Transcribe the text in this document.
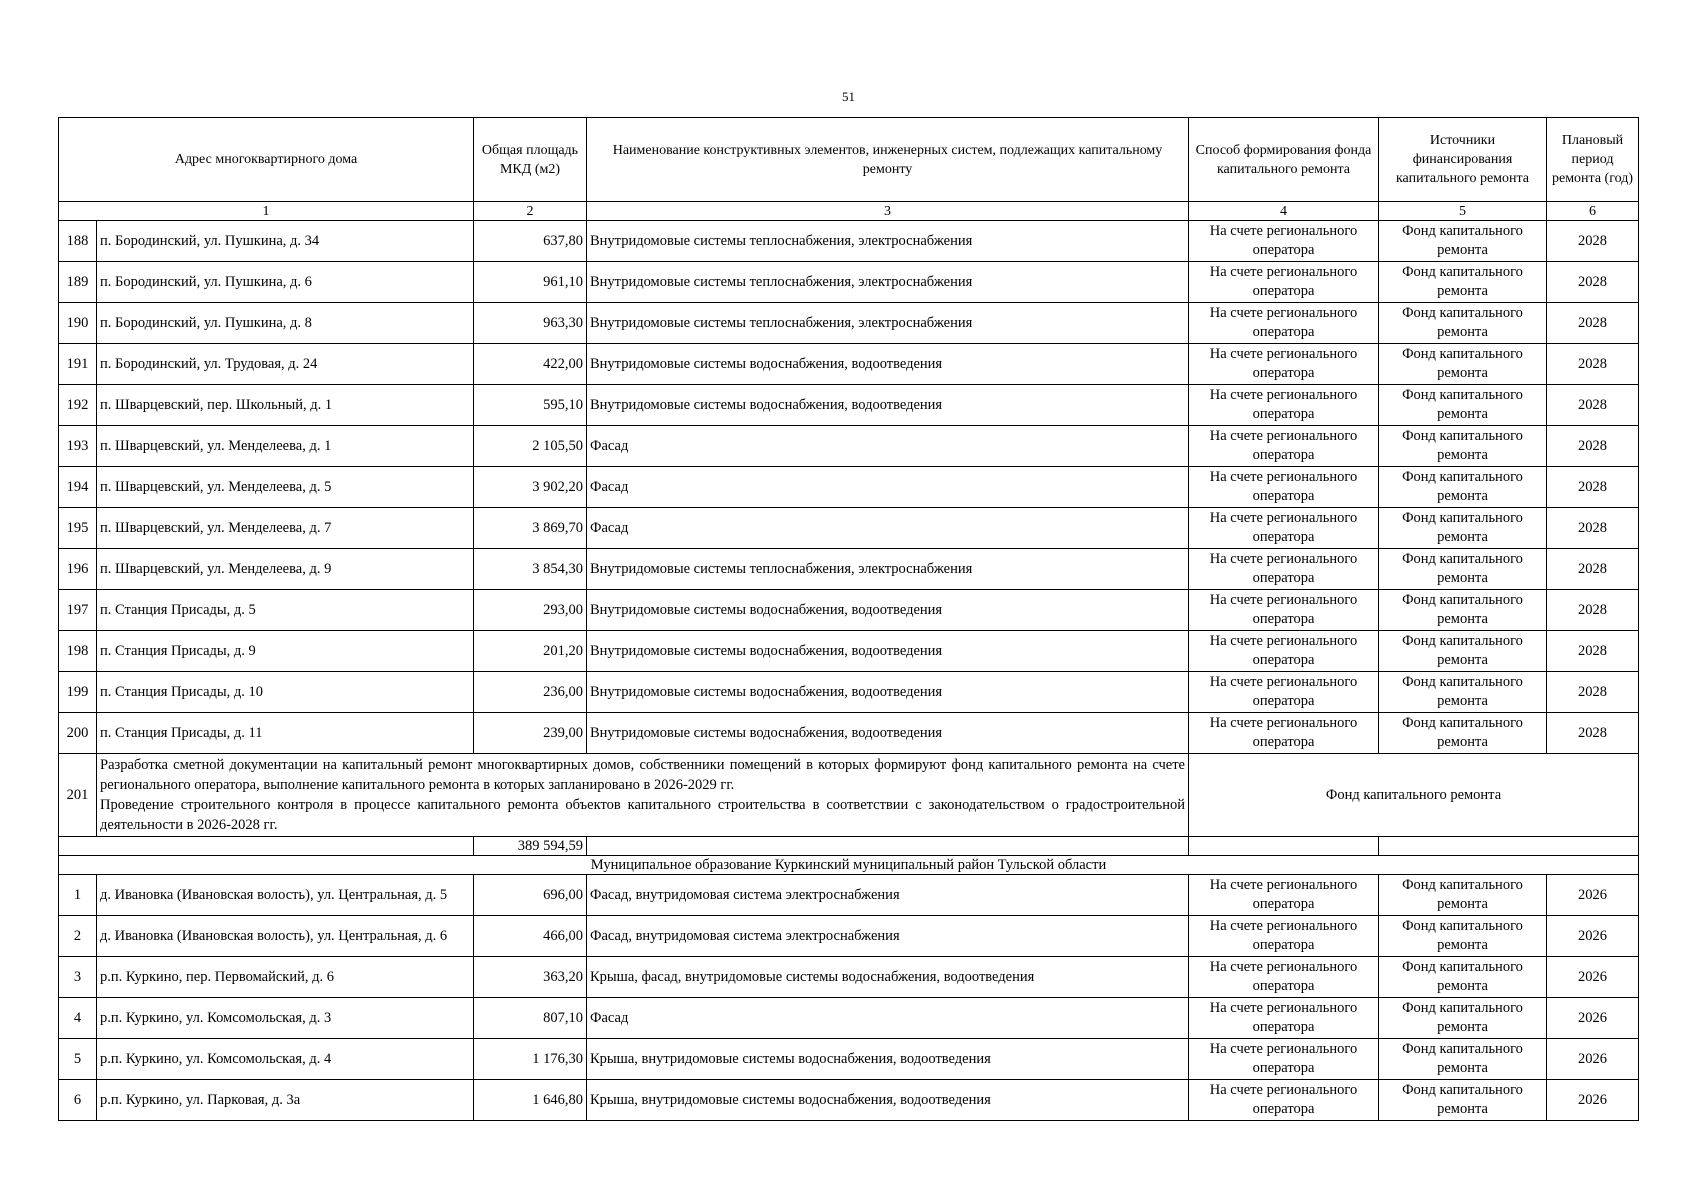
51
Адрес многоквартирного дома		Общая площадь МКД (м2)	Наименование конструктивных элементов, инженерных систем, подлежащих капитальному ремонту	Способ формирования фонда капитального ремонта	Источники финансирования капитального ремонта	Плановый период ремонта (год)
1		2	3	4	5	6
188	п. Бородинский, ул. Пушкина, д. 34	637,80	Внутридомовые системы теплоснабжения, электроснабжения	На счете регионального оператора	Фонд капитального ремонта	2028
189	п. Бородинский, ул. Пушкина, д. 6	961,10	Внутридомовые системы теплоснабжения, электроснабжения	На счете регионального оператора	Фонд капитального ремонта	2028
190	п. Бородинский, ул. Пушкина, д. 8	963,30	Внутридомовые системы теплоснабжения, электроснабжения	На счете регионального оператора	Фонд капитального ремонта	2028
191	п. Бородинский, ул. Трудовая, д. 24	422,00	Внутридомовые системы водоснабжения, водоотведения	На счете регионального оператора	Фонд капитального ремонта	2028
192	п. Шварцевский, пер. Школьный, д. 1	595,10	Внутридомовые системы водоснабжения, водоотведения	На счете регионального оператора	Фонд капитального ремонта	2028
193	п. Шварцевский, ул. Менделеева, д. 1	2 105,50	Фасад	На счете регионального оператора	Фонд капитального ремонта	2028
194	п. Шварцевский, ул. Менделеева, д. 5	3 902,20	Фасад	На счете регионального оператора	Фонд капитального ремонта	2028
195	п. Шварцевский, ул. Менделеева, д. 7	3 869,70	Фасад	На счете регионального оператора	Фонд капитального ремонта	2028
196	п. Шварцевский, ул. Менделеева, д. 9	3 854,30	Внутридомовые системы теплоснабжения, электроснабжения	На счете регионального оператора	Фонд капитального ремонта	2028
197	п. Станция Присады, д. 5	293,00	Внутридомовые системы водоснабжения, водоотведения	На счете регионального оператора	Фонд капитального ремонта	2028
198	п. Станция Присады, д. 9	201,20	Внутридомовые системы водоснабжения, водоотведения	На счете регионального оператора	Фонд капитального ремонта	2028
199	п. Станция Присады, д. 10	236,00	Внутридомовые системы водоснабжения, водоотведения	На счете регионального оператора	Фонд капитального ремонта	2028
200	п. Станция Присады, д. 11	239,00	Внутридомовые системы водоснабжения, водоотведения	На счете регионального оператора	Фонд капитального ремонта	2028
201	Разработка сметной документации на капитальный ремонт многоквартирных домов, собственники помещений в которых формируют фонд капитального ремонта на счете регионального оператора, выполнение капитального ремонта в которых запланировано в 2026-2029 гг.
Проведение строительного контроля в процессе капитального ремонта объектов капитального строительства в соответствии с законодательством о градостроительной деятельности в 2026-2028 гг.			Фонд капитального ремонта		
		389 594,59				
Муниципальное образование Куркинский муниципальный район Тульской области						
1	д. Ивановка (Ивановская волость), ул. Центральная, д. 5	696,00	Фасад, внутридомовая система электроснабжения	На счете регионального оператора	Фонд капитального ремонта	2026
2	д. Ивановка (Ивановская волость), ул. Центральная, д. 6	466,00	Фасад, внутридомовая система электроснабжения	На счете регионального оператора	Фонд капитального ремонта	2026
3	р.п. Куркино, пер. Первомайский, д. 6	363,20	Крыша, фасад, внутридомовые системы водоснабжения, водоотведения	На счете регионального оператора	Фонд капитального ремонта	2026
4	р.п. Куркино, ул. Комсомольская, д. 3	807,10	Фасад	На счете регионального оператора	Фонд капитального ремонта	2026
5	р.п. Куркино, ул. Комсомольская, д. 4	1 176,30	Крыша, внутридомовые системы водоснабжения, водоотведения	На счете регионального оператора	Фонд капитального ремонта	2026
6	р.п. Куркино, ул. Парковая, д. 3а	1 646,80	Крыша, внутридомовые системы водоснабжения, водоотведения	На счете регионального оператора	Фонд капитального ремонта	2026
